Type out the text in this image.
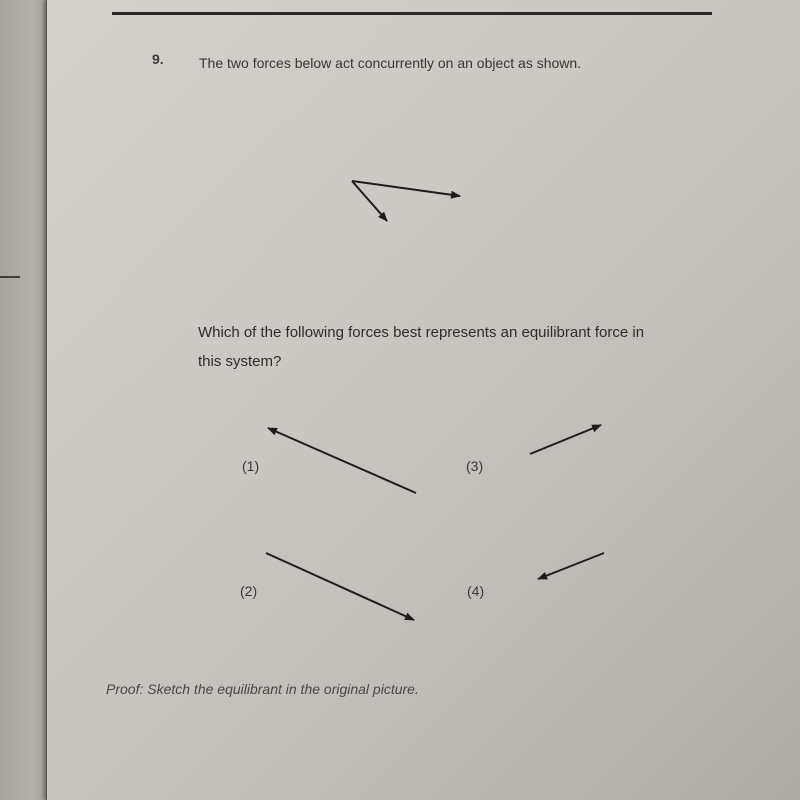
9.	The two forces below act concurrently on an object as shown.
Which of the following forces best represents an equilibrant force in this system?
(1)	(3)
(2)	(4)
Proof: Sketch the equilibrant in the original picture.
